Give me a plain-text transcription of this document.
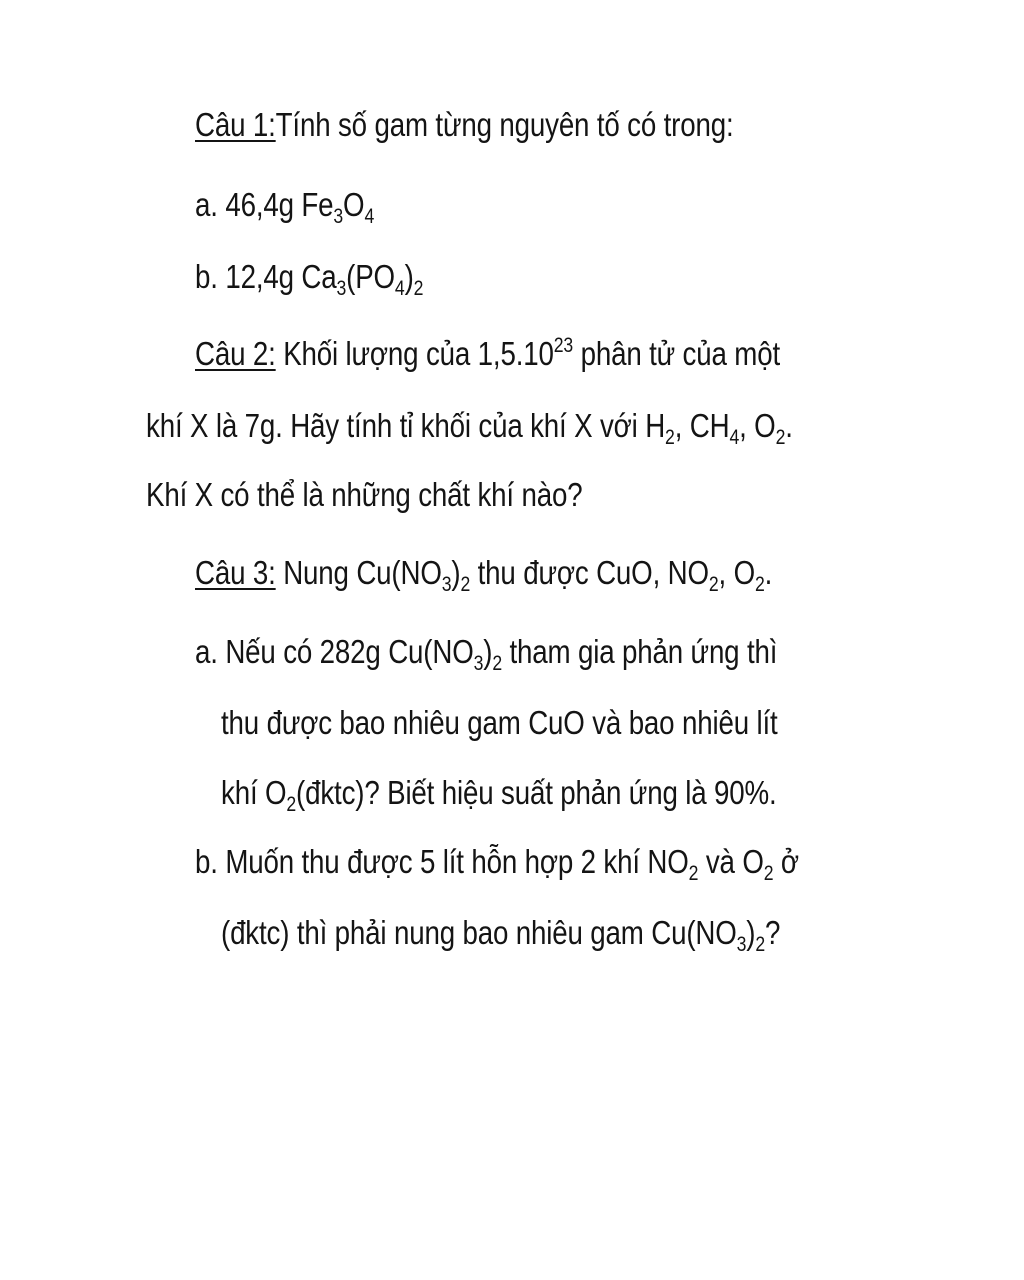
Câu 1:Tính số gam từng nguyên tố có trong:
a. 46,4g $Fe_3O_4$
b. 12,4g $Ca_3(PO_4)_2$
Câu 2: Khối lượng của 1,5.10$^{23}$ phân tử của một
khí X là 7g. Hãy tính tỉ khối của khí X với $H_2$, $CH_4$, $O_2$.
Khí X có thể là những chất khí nào?
Câu 3: Nung $Cu(NO_3)_2$ thu được CuO, $NO_2$, $O_2$.
a. Nếu có 282g $Cu(NO_3)_2$ tham gia phản ứng thì
thu được bao nhiêu gam CuO và bao nhiêu lít
khí $O_2(đktc)$? Biết hiệu suất phản ứng là 90%.
b. Muốn thu được 5 lít hỗn hợp 2 khí $NO_2$ và $O_2$ ở
(đktc) thì phải nung bao nhiêu gam $Cu(NO_3)_2$?
